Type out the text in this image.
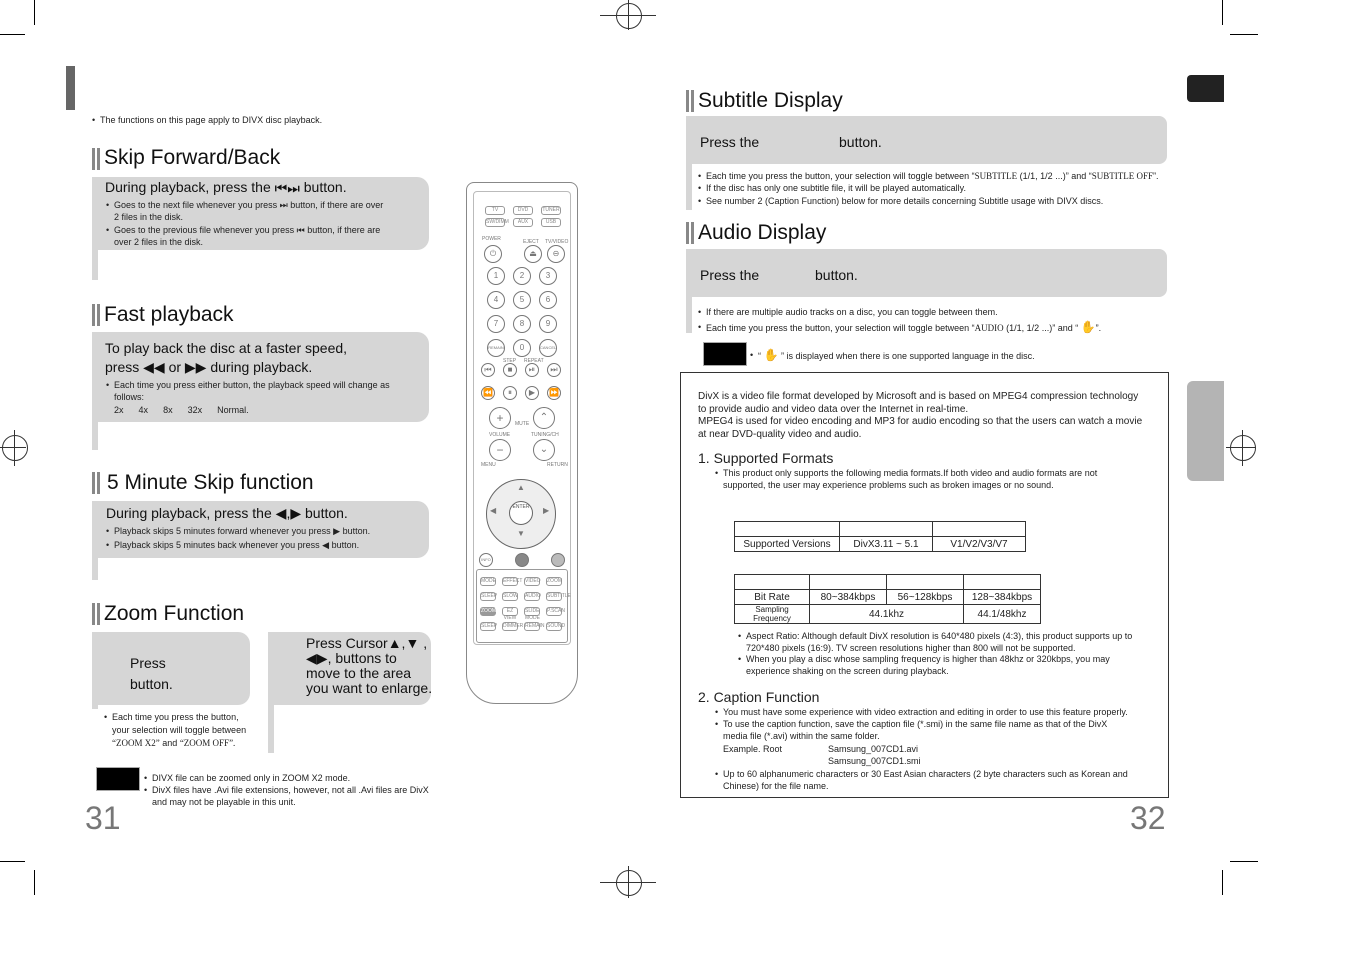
• The functions on this page apply to DIVX disc playback.
Skip Forward/Back
During playback, press the ⏮⏭ button.
• Goes to the next file whenever you press ⏭ button, if there are over
2 files in the disk.
• Goes to the previous file whenever you press ⏮ button, if there are
over 2 files in the disk.
Fast playback
To play back the disc at a faster speed,
press ◀◀ or ▶▶ during playback.
• Each time you press either button, the playback speed will change as
follows:
2x 4x 8x 32x Normal.
5 Minute Skip function
During playback, press the ◀,▶ button.
• Playback skips 5 minutes forward whenever you press ▶ button.
• Playback skips 5 minutes back whenever you press ◀ button.
Zoom Function
Press
button.
Press Cursor▲,▼ ,
◀▶, buttons to
move to the area
you want to enlarge.
• Each time you press the button,
your selection will toggle between
“ZOOM X2” and “ZOOM OFF”.
• DIVX file can be zoomed only in ZOOM X2 mode.

• DivX files have .Avi file extensions, however, not all .Avi files are DivX
and may not be playable in this unit.
31
TV	DVD	TUNER
SW/DIMM	AUX	USB
POWER	EJECT TV/VIDEO
⏻	⏏	⊖
1	2	3
4	5	6
7	8	9
REMAIN	0	CANCEL
STEP REPEAT
⏮	■	⏯	⏭
⏪	⏸	▶	⏩
+	⌃
MUTE
VOLUME	TUNING/CH
−	⌄
MENU	RETURN
ENTER
▲
▼
◀	▶
INFO
MODE EFFECT VIDEO ZOOM
SLEEP SLOW AUDIO SUBTITLE
ZOOM	EZ VIEW
SLIDE MODE
P.SCAN
SLEEP DIMMER REMAIN SOUND
Subtitle Display
Press the	button.
• Each time you press the button, your selection will toggle between “SUBTITLE (1/1, 1/2 ...)” and “SUBTITLE OFF”.
• If the disc has only one subtitle file, it will be played automatically.
• See number 2 (Caption Function) below for more details concerning Subtitle usage with DIVX discs.
Audio Display
Press the	button.
• If there are multiple audio tracks on a disc, you can toggle between them.
• Each time you press the button, your selection will toggle between “AUDIO (1/1, 1/2 ...)” and “ ✋”.
• “ ✋ ” is displayed when there is one supported language in the disc.
DivX is a video file format developed by Microsoft and is based on MPEG4 compression technology
to provide audio and video data over the Internet in real-time.
MPEG4 is used for video encoding and MP3 for audio encoding so that the users can watch a movie
at near DVD-quality video and audio.
1. Supported Formats
• This product only supports the following media formats.If both video and audio formats are not
supported, the user may experience problems such as broken images or no sound.

Supported Versions	DivX3.11 ~ 5.1	V1/V2/V3/V7

Bit Rate	80~384kbps	56~128kbps	128~384kbps
Sampling Frequency	44.1khz		44.1/48khz
• Aspect Ratio: Although default DivX resolution is 640*480 pixels (4:3), this product supports up to
720*480 pixels (16:9). TV screen resolutions higher than 800 will not be supported.
• When you play a disc whose sampling frequency is higher than 48khz or 320kbps, you may
experience shaking on the screen during playback.
2. Caption Function
• You must have some experience with video extraction and editing in order to use this feature properly.
• To use the caption function, save the caption file (*.smi) in the same file name as that of the DivX
media file (*.avi) within the same folder.
Example. Root	Samsung_007CD1.avi
Samsung_007CD1.smi
• Up to 60 alphanumeric characters or 30 East Asian characters (2 byte characters such as Korean and
Chinese) for the file name.
32
